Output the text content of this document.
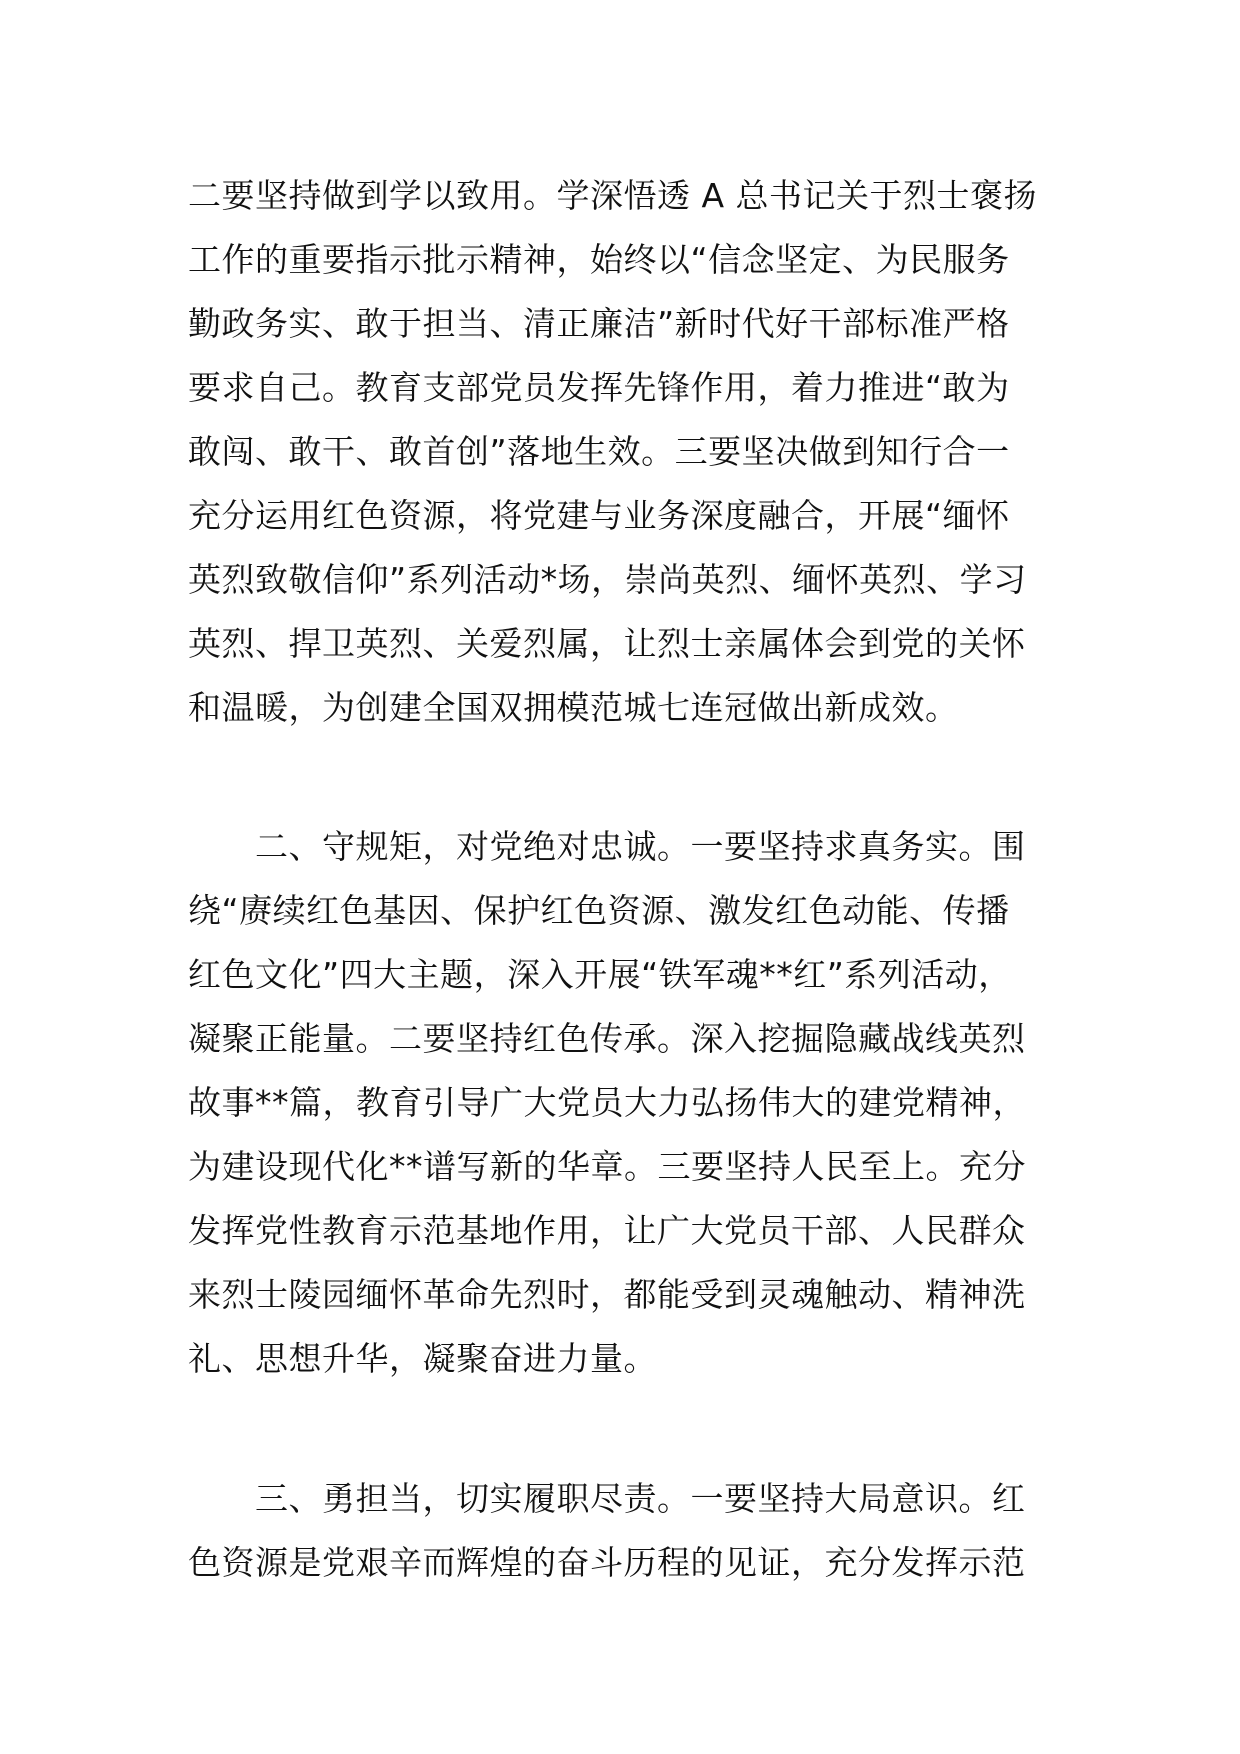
二要坚持做到学以致用。学深悟透 A 总书记关于烈士褒扬
工作的重要指示批示精神，始终以“信念坚定、为民服务
勤政务实、敢于担当、清正廉洁”新时代好干部标准严格
要求自己。教育支部党员发挥先锋作用，着力推进“敢为
敢闯、敢干、敢首创”落地生效。三要坚决做到知行合一
充分运用红色资源，将党建与业务深度融合，开展“缅怀
英烈致敬信仰”系列活动*场，崇尚英烈、缅怀英烈、学习
英烈、捍卫英烈、关爱烈属，让烈士亲属体会到党的关怀
和温暖，为创建全国双拥模范城七连冠做出新成效。
　　二、守规矩，对党绝对忠诚。一要坚持求真务实。围
绕“赓续红色基因、保护红色资源、激发红色动能、传播
红色文化”四大主题，深入开展“铁军魂**红”系列活动，
凝聚正能量。二要坚持红色传承。深入挖掘隐藏战线英烈
故事**篇，教育引导广大党员大力弘扬伟大的建党精神，
为建设现代化**谱写新的华章。三要坚持人民至上。充分
发挥党性教育示范基地作用，让广大党员干部、人民群众
来烈士陵园缅怀革命先烈时，都能受到灵魂触动、精神洗
礼、思想升华，凝聚奋进力量。
　　三、勇担当，切实履职尽责。一要坚持大局意识。红
色资源是党艰辛而辉煌的奋斗历程的见证，充分发挥示范
